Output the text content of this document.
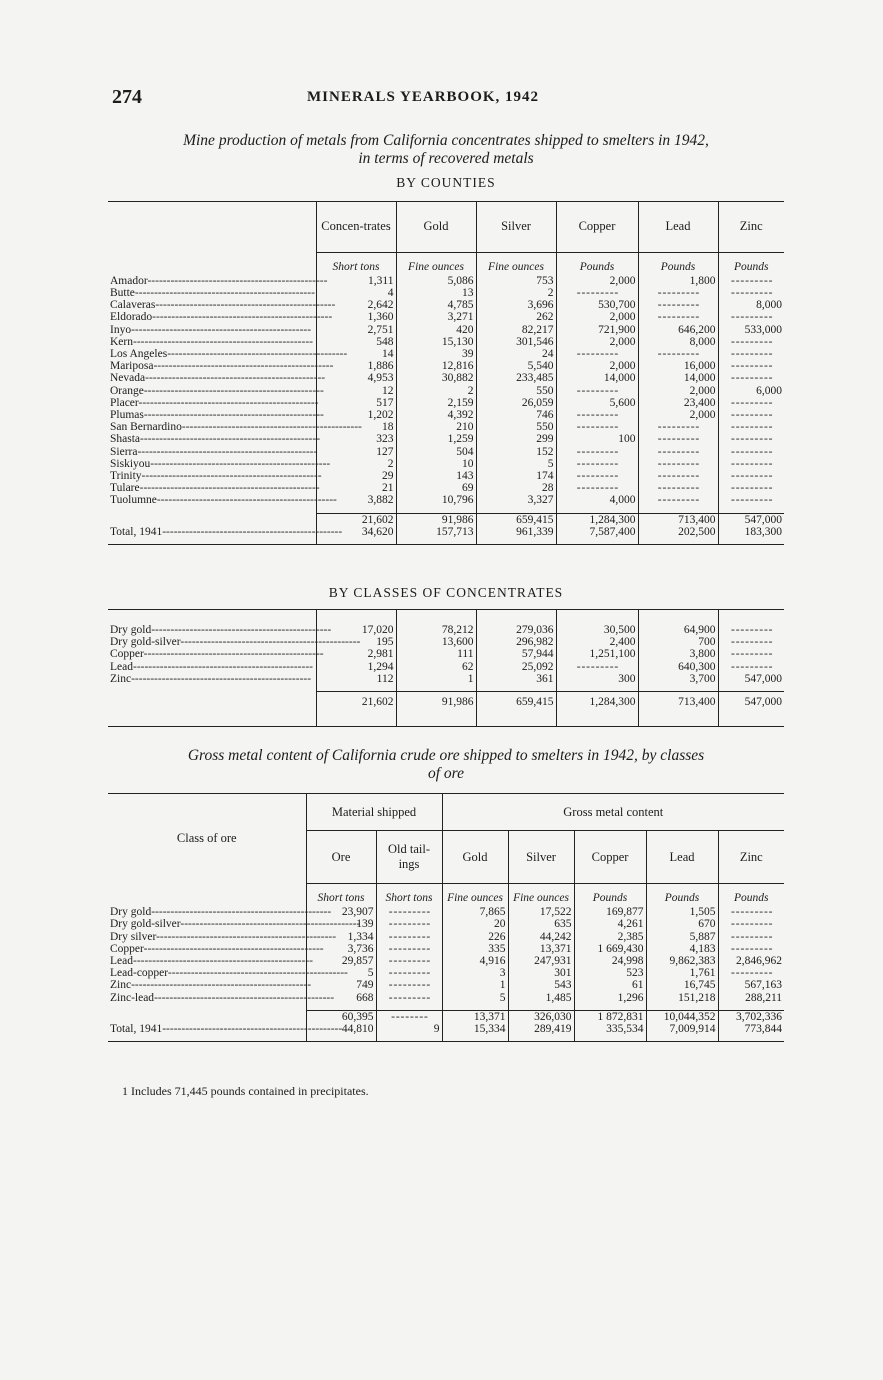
274	MINERALS YEARBOOK, 1942
Mine production of metals from California concentrates shipped to smelters in 1942,
in terms of recovered metals
BY COUNTIES
	Concen-trates	Gold	Silver	Copper	Lead	Zinc
	Short tons	Fine ounces	Fine ounces	Pounds	Pounds	Pounds
Amador-----------------------------------------------	1,311	5,086	753	2,000	1,800	- - - - - - - - -
Butte-----------------------------------------------	4	13	2	- - - - - - - - -	- - - - - - - - -	- - - - - - - - -
Calaveras-----------------------------------------------	2,642	4,785	3,696	530,700	- - - - - - - - -	8,000
Eldorado-----------------------------------------------	1,360	3,271	262	2,000	- - - - - - - - -	- - - - - - - - -
Inyo-----------------------------------------------	2,751	420	82,217	721,900	646,200	533,000
Kern-----------------------------------------------	548	15,130	301,546	2,000	8,000	- - - - - - - - -
Los Angeles-----------------------------------------------	14	39	24	- - - - - - - - -	- - - - - - - - -	- - - - - - - - -
Mariposa-----------------------------------------------	1,886	12,816	5,540	2,000	16,000	- - - - - - - - -
Nevada-----------------------------------------------	4,953	30,882	233,485	14,000	14,000	- - - - - - - - -
Orange-----------------------------------------------	12	2	550	- - - - - - - - -	2,000	6,000
Placer-----------------------------------------------	517	2,159	26,059	5,600	23,400	- - - - - - - - -
Plumas-----------------------------------------------	1,202	4,392	746	- - - - - - - - -	2,000	- - - - - - - - -
San Bernardino-----------------------------------------------	18	210	550	- - - - - - - - -	- - - - - - - - -	- - - - - - - - -
Shasta-----------------------------------------------	323	1,259	299	100	- - - - - - - - -	- - - - - - - - -
Sierra-----------------------------------------------	127	504	152	- - - - - - - - -	- - - - - - - - -	- - - - - - - - -
Siskiyou-----------------------------------------------	2	10	5	- - - - - - - - -	- - - - - - - - -	- - - - - - - - -
Trinity-----------------------------------------------	29	143	174	- - - - - - - - -	- - - - - - - - -	- - - - - - - - -
Tulare-----------------------------------------------	21	69	28	- - - - - - - - -	- - - - - - - - -	- - - - - - - - -
Tuolumne-----------------------------------------------	3,882	10,796	3,327	4,000	- - - - - - - - -	- - - - - - - - -

	21,602	91,986	659,415	1,284,300	713,400	547,000
Total, 1941-----------------------------------------------	34,620	157,713	961,339	7,587,400	202,500	183,300
BY CLASSES OF CONCENTRATES

Dry gold-----------------------------------------------	17,020	78,212	279,036	30,500	64,900	- - - - - - - - -
Dry gold-silver-----------------------------------------------	195	13,600	296,982	2,400	700	- - - - - - - - -
Copper-----------------------------------------------	2,981	111	57,944	1,251,100	3,800	- - - - - - - - -
Lead-----------------------------------------------	1,294	62	25,092	- - - - - - - - -	640,300	- - - - - - - - -
Zinc-----------------------------------------------	112	1	361	300	3,700	547,000

	21,602	91,986	659,415	1,284,300	713,400	547,000
Gross metal content of California crude ore shipped to smelters in 1942, by classes
of ore
Class of ore	Material shipped		Gross metal content				
	Ore	Old tail-ings	Gold	Silver	Copper	Lead	Zinc
	Short tons	Short tons	Fine ounces	Fine ounces	Pounds	Pounds	Pounds
Dry gold-----------------------------------------------	23,907	- - - - - - - - -	7,865	17,522	169,877	1,505	- - - - - - - - -
Dry gold-silver-----------------------------------------------	139	- - - - - - - - -	20	635	4,261	670	- - - - - - - - -
Dry silver-----------------------------------------------	1,334	- - - - - - - - -	226	44,242	2,385	5,887	- - - - - - - - -
Copper-----------------------------------------------	3,736	- - - - - - - - -	335	13,371	1 669,430	4,183	- - - - - - - - -
Lead-----------------------------------------------	29,857	- - - - - - - - -	4,916	247,931	24,998	9,862,383	2,846,962
Lead-copper-----------------------------------------------	5	- - - - - - - - -	3	301	523	1,761	- - - - - - - - -
Zinc-----------------------------------------------	749	- - - - - - - - -	1	543	61	16,745	567,163
Zinc-lead-----------------------------------------------	668	- - - - - - - - -	5	1,485	1,296	151,218	288,211

	60,395	- - - - - - - -	13,371	326,030	1 872,831	10,044,352	3,702,336
Total, 1941-----------------------------------------------	44,810	9	15,334	289,419	335,534	7,009,914	773,844
1 Includes 71,445 pounds contained in precipitates.
